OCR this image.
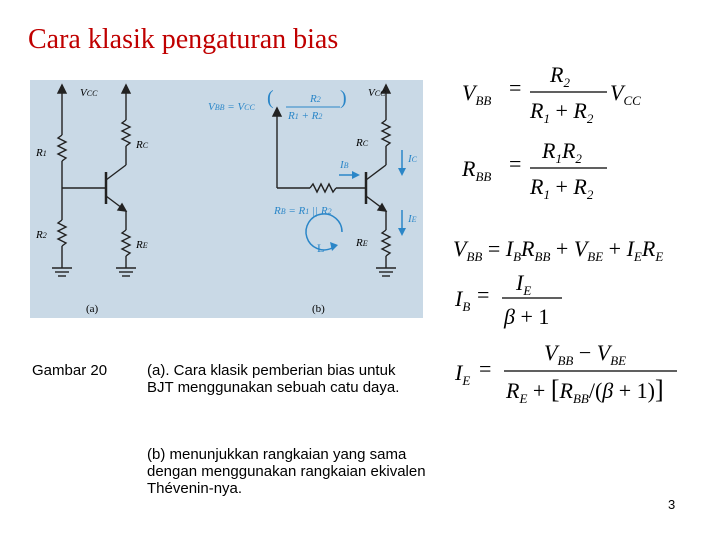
Cara klasik pengaturan bias
VCC
R1
R2
RC
RE
(a)
VBB = VCC (	R2
R1 + R2
) VCC
RC
RE
IB
IC
IE
RB = R1 || R2
L
(b)
Gambar 20	(a). Cara klasik pemberian bias untuk BJT menggunakan sebuah catu daya.
(b) menunjukkan rangkaian yang sama dengan menggunakan rangkaian ekivalen Thévenin-nya.
$V_{BB}$
=
$R_2$
$R_1 + R_2$
$V_{CC}$
$R_{BB}$
=
$R_1R_2$
$R_1 + R_2$
$V_{BB} = I_BR_{BB} + V_{BE} + I_ER_E$
$I_B = I_E$
β + 1
$I_E$ =
$V_{BB} - V_{BE}$
$R_E + [R_{BB}/(\beta + 1)]$
3
